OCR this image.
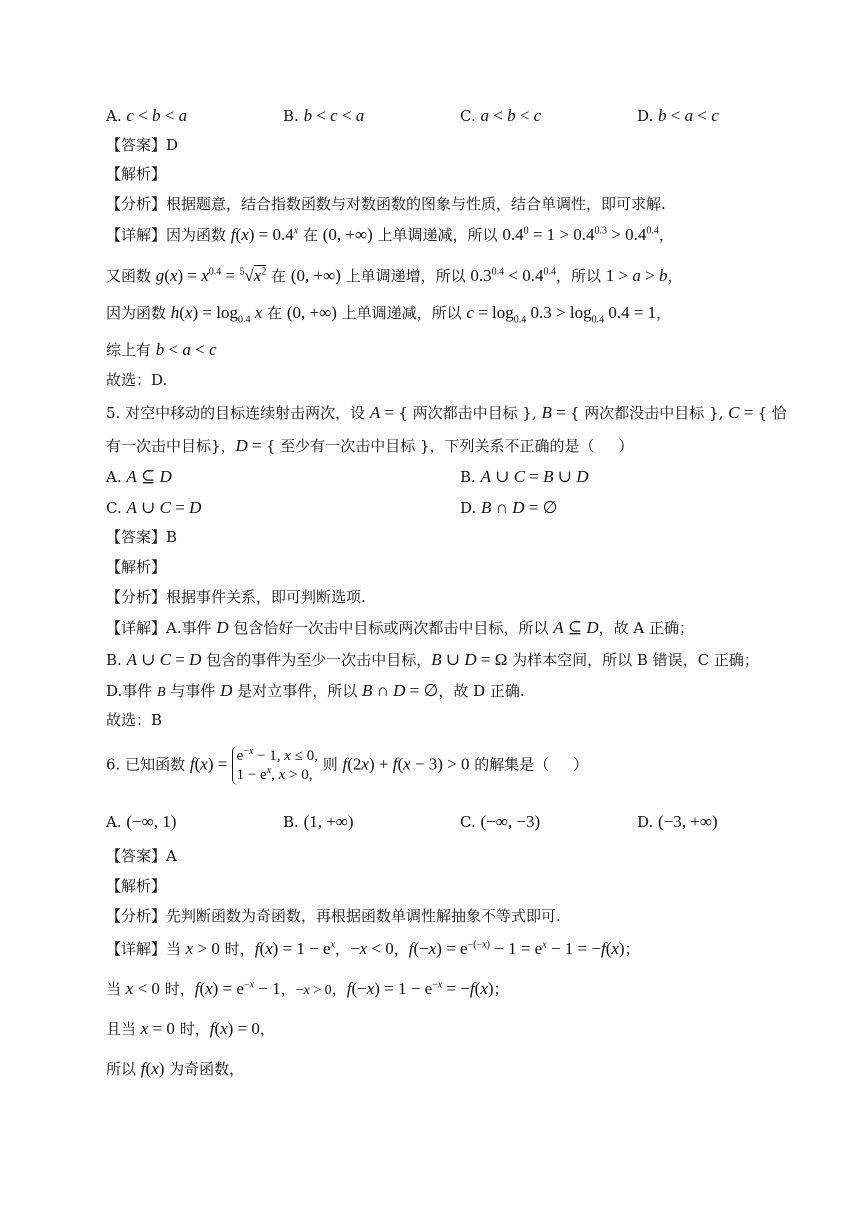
A. c < b < a	B. b < c < a	C. a < b < c	D. b < a < c
【答案】D
【解析】
【分析】根据题意，结合指数函数与对数函数的图象与性质，结合单调性，即可求解.
【详解】因为函数 $f(x) = 0.4^x$ 在 (0, +∞) 上单调递减，所以 $0.4^0 = 1 > 0.4^{0.3} > 0.4^{0.4}$，
又函数 $g(x) = x^{0.4} = ^5√x^2$ 在 (0, +∞) 上单调递增，所以 $0.3^{0.4} < 0.4^{0.4}$，所以 1 > a > b，
因为函数 $h(x) = \log_{0.4} x$ 在 (0, +∞) 上单调递减，所以 $c = \log_{0.4} 0.3 > \log_{0.4} 0.4 = 1$，
综上有 b < a < c
故选：D.
5. 对空中移动的目标连续射击两次，设 A = { 两次都击中目标 }, B = { 两次都没击中目标 }, C = { 恰
有一次击中目标}，D = { 至少有一次击中目标 }，下列关系不正确的是（     ）
A. A ⊆ D	B. A ∪ C = B ∪ D
C. A ∪ C = D	D. B ∩ D = ∅
【答案】B
【解析】
【分析】根据事件关系，即可判断选项.
【详解】A.事件 D 包含恰好一次击中目标或两次都击中目标，所以 A ⊆ D，故 A 正确；
B. A ∪ C = D 包含的事件为至少一次击中目标，B ∪ D = Ω 为样本空间，所以 B 错误，C 正确；
D.事件 B 与事件 D 是对立事件，所以 B ∩ D = ∅，故 D 正确.
故选：B
6. 已知函数 $f(x) = e^{-x} - 1$, x ≤ 0,
$1 - e^x$, x > 0, 则 f(2x) + f(x − 3) > 0 的解集是（     ）
A. (−∞, 1)	B. (1, +∞)	C. (−∞, −3)	D. (−3, +∞)
【答案】A
【解析】
【分析】先判断函数为奇函数，再根据函数单调性解抽象不等式即可.
【详解】当 x > 0 时，$f(x) = 1 - e^x$，−x < 0，$f(-x) = e^{-(-x)} - 1 = e^x - 1 = -f(x)$；
当 x < 0 时，$f(x) = e^{-x} - 1$，−x > 0，$f(-x) = 1 - e^{-x} = -f(x)$；
且当 x = 0 时，f(x) = 0，
所以 f(x) 为奇函数，
